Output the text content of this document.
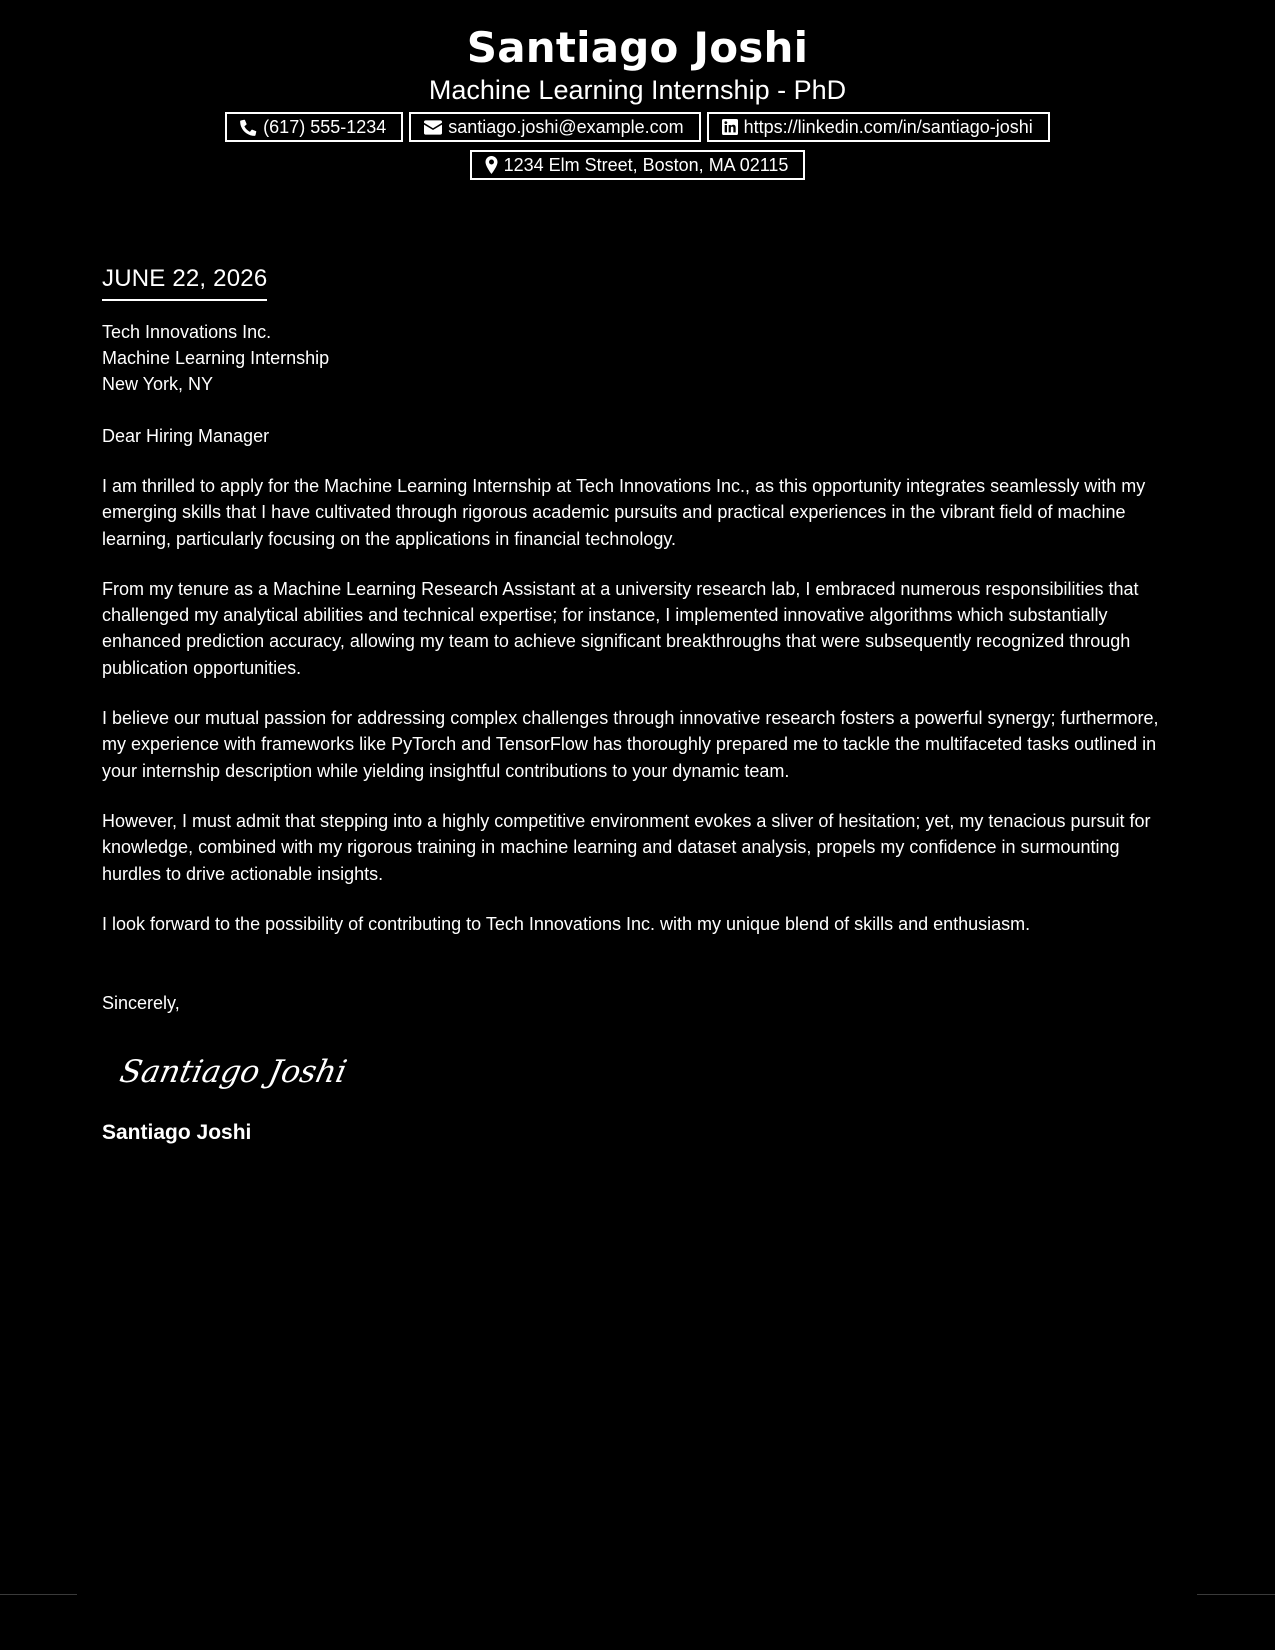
Santiago Joshi
Machine Learning Internship - PhD
(617) 555-1234	santiago.joshi@example.com	https://linkedin.com/in/santiago-joshi
1234 Elm Street, Boston, MA 02115
JUNE 22, 2026
Tech Innovations Inc.
Machine Learning Internship
New York, NY
Dear Hiring Manager

I am thrilled to apply for the Machine Learning Internship at Tech Innovations Inc., as this opportunity integrates seamlessly with my emerging skills that I have cultivated through rigorous academic pursuits and practical experiences in the vibrant field of machine learning, particularly focusing on the applications in financial technology.

From my tenure as a Machine Learning Research Assistant at a university research lab, I embraced numerous responsibilities that challenged my analytical abilities and technical expertise; for instance, I implemented innovative algorithms which substantially enhanced prediction accuracy, allowing my team to achieve significant breakthroughs that were subsequently recognized through publication opportunities.

I believe our mutual passion for addressing complex challenges through innovative research fosters a powerful synergy; furthermore, my experience with frameworks like PyTorch and TensorFlow has thoroughly prepared me to tackle the multifaceted tasks outlined in your internship description while yielding insightful contributions to your dynamic team.

However, I must admit that stepping into a highly competitive environment evokes a sliver of hesitation; yet, my tenacious pursuit for knowledge, combined with my rigorous training in machine learning and dataset analysis, propels my confidence in surmounting hurdles to drive actionable insights.

I look forward to the possibility of contributing to Tech Innovations Inc. with my unique blend of skills and enthusiasm.

Sincerely,
Santiago Joshi
Santiago Joshi
